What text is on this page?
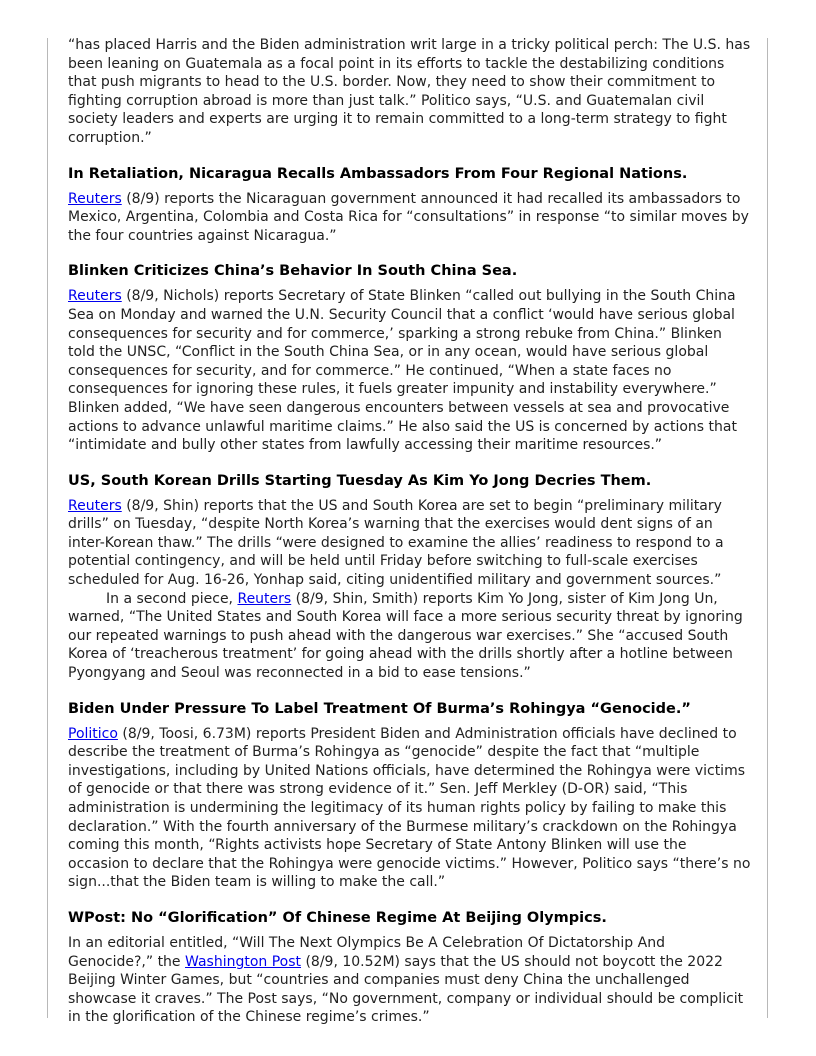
“has placed Harris and the Biden administration writ large in a tricky political perch: The U.S. has been leaning on Guatemala as a focal point in its efforts to tackle the destabilizing conditions that push migrants to head to the U.S. border. Now, they need to show their commitment to fighting corruption abroad is more than just talk.” Politico says, “U.S. and Guatemalan civil society leaders and experts are urging it to remain committed to a long-term strategy to fight corruption.”

In Retaliation, Nicaragua Recalls Ambassadors From Four Regional Nations.

Reuters (8/9) reports the Nicaraguan government announced it had recalled its ambassadors to Mexico, Argentina, Colombia and Costa Rica for “consultations” in response “to similar moves by the four countries against Nicaragua.”

Blinken Criticizes China’s Behavior In South China Sea.

Reuters (8/9, Nichols) reports Secretary of State Blinken “called out bullying in the South China Sea on Monday and warned the U.N. Security Council that a conflict ‘would have serious global consequences for security and for commerce,’ sparking a strong rebuke from China.” Blinken told the UNSC, “Conflict in the South China Sea, or in any ocean, would have serious global consequences for security, and for commerce.” He continued, “When a state faces no consequences for ignoring these rules, it fuels greater impunity and instability everywhere.” Blinken added, “We have seen dangerous encounters between vessels at sea and provocative actions to advance unlawful maritime claims.” He also said the US is concerned by actions that “intimidate and bully other states from lawfully accessing their maritime resources.”

US, South Korean Drills Starting Tuesday As Kim Yo Jong Decries Them.

Reuters (8/9, Shin) reports that the US and South Korea are set to begin “preliminary military drills” on Tuesday, “despite North Korea’s warning that the exercises would dent signs of an inter-Korean thaw.” The drills “were designed to examine the allies’ readiness to respond to a potential contingency, and will be held until Friday before switching to full-scale exercises scheduled for Aug. 16-26, Yonhap said, citing unidentified military and government sources.”

In a second piece, Reuters (8/9, Shin, Smith) reports Kim Yo Jong, sister of Kim Jong Un, warned, “The United States and South Korea will face a more serious security threat by ignoring our repeated warnings to push ahead with the dangerous war exercises.” She “accused South Korea of ‘treacherous treatment’ for going ahead with the drills shortly after a hotline between Pyongyang and Seoul was reconnected in a bid to ease tensions.”

Biden Under Pressure To Label Treatment Of Burma’s Rohingya “Genocide.”

Politico (8/9, Toosi, 6.73M) reports President Biden and Administration officials have declined to describe the treatment of Burma’s Rohingya as “genocide” despite the fact that “multiple investigations, including by United Nations officials, have determined the Rohingya were victims of genocide or that there was strong evidence of it.” Sen. Jeff Merkley (D-OR) said, “This administration is undermining the legitimacy of its human rights policy by failing to make this declaration.” With the fourth anniversary of the Burmese military’s crackdown on the Rohingya coming this month, “Rights activists hope Secretary of State Antony Blinken will use the occasion to declare that the Rohingya were genocide victims.” However, Politico says “there’s no sign...that the Biden team is willing to make the call.”

WPost: No “Glorification” Of Chinese Regime At Beijing Olympics.

In an editorial entitled, “Will The Next Olympics Be A Celebration Of Dictatorship And Genocide?,” the Washington Post (8/9, 10.52M) says that the US should not boycott the 2022 Beijing Winter Games, but “countries and companies must deny China the unchallenged showcase it craves.” The Post says, “No government, company or individual should be complicit in the glorification of the Chinese regime’s crimes.”
